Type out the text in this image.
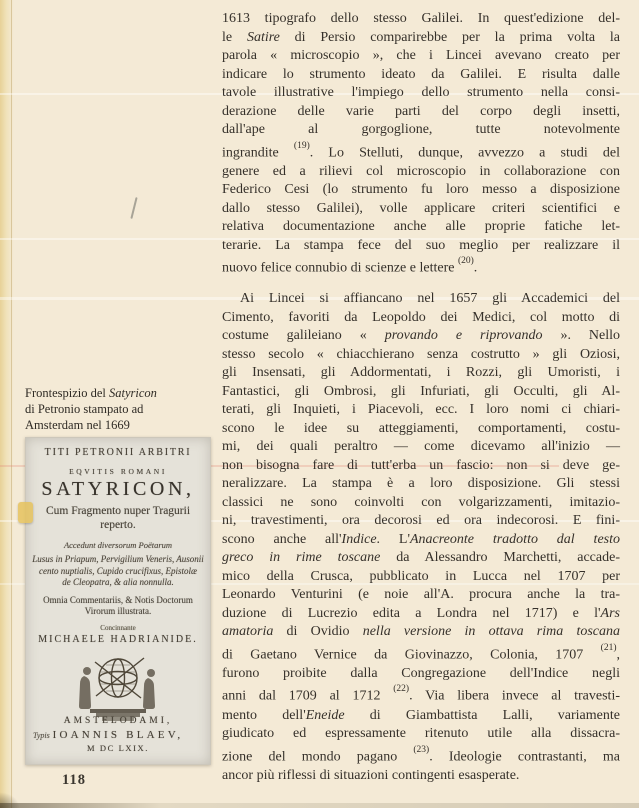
1613 tipografo dello stesso Galilei. In quest'edizione del-
le Satire di Persio comparirebbe per la prima volta la
parola « microscopio », che i Lincei avevano creato per
indicare lo strumento ideato da Galilei. E risulta dalle
tavole illustrative l'impiego dello strumento nella consi-
derazione delle varie parti del corpo degli insetti,
dall'ape al gorgoglione, tutte notevolmente
ingrandite $^{(19)}$. Lo Stelluti, dunque, avvezzo a studi del
genere ed a rilievi col microscopio in collaborazione con
Federico Cesi (lo strumento fu loro messo a disposizione
dallo stesso Galilei), volle applicare criteri scientifici e
relativa documentazione anche alle proprie fatiche let-
terarie. La stampa fece del suo meglio per realizzare il
nuovo felice connubio di scienze e lettere $^{(20)}$.
Ai Lincei si affiancano nel 1657 gli Accademici del
Cimento, favoriti da Leopoldo dei Medici, col motto di
costume galileiano « provando e riprovando ». Nello
stesso secolo « chiacchierano senza costrutto » gli Oziosi,
gli Insensati, gli Addormentati, i Rozzi, gli Umoristi, i
Fantastici, gli Ombrosi, gli Infuriati, gli Occulti, gli Al-
terati, gli Inquieti, i Piacevoli, ecc. I loro nomi ci chiari-
scono le idee su atteggiamenti, comportamenti, costu-
mi, dei quali peraltro — come dicevamo all'inizio —
non bisogna fare di tutt'erba un fascio: non si deve ge-
neralizzare. La stampa è a loro disposizione. Gli stessi
classici ne sono coinvolti con volgarizzamenti, imitazio-
ni, travestimenti, ora decorosi ed ora indecorosi. E fini-
scono anche all'Indice. L'Anacreonte tradotto dal testo
greco in rime toscane da Alessandro Marchetti, accade-
mico della Crusca, pubblicato in Lucca nel 1707 per
Leonardo Venturini (e noie all'A. procura anche la tra-
duzione di Lucrezio edita a Londra nel 1717) e l'Ars
amatoria di Ovidio nella versione in ottava rima toscana
di Gaetano Vernice da Giovinazzo, Colonia, 1707 $^{(21)}$,
furono proibite dalla Congregazione dell'Indice negli
anni dal 1709 al 1712 $^{(22)}$. Via libera invece al travesti-
mento dell'Eneide di Giambattista Lalli, variamente
giudicato ed espressamente ritenuto utile alla dissacra-
zione del mondo pagano $^{(23)}$. Ideologie contrastanti, ma
ancor più riflessi di situazioni contingenti esasperate.
Frontespizio del Satyricon
di Petronio stampato ad
Amsterdam nel 1669
TITI PETRONII ARBITRI
EQVITIS ROMANI
SATYRICON,
Cum Fragmento nuper Tragurii
reperto.
Accedunt diversorum Poëtarum
Lusus in Priapum, Pervigilium Veneris, Ausonii
cento nuptialis, Cupido crucifixus, Epistolæ
de Cleopatra, & alia nonnulla.
Omnia Commentariis, & Notis Doctorum
Virorum illustrata.
Concinnante
MICHAELE HADRIANIDE.
AMSTELODAMI,
Typis IOANNIS BLAEV,
M DC LXIX.
118
